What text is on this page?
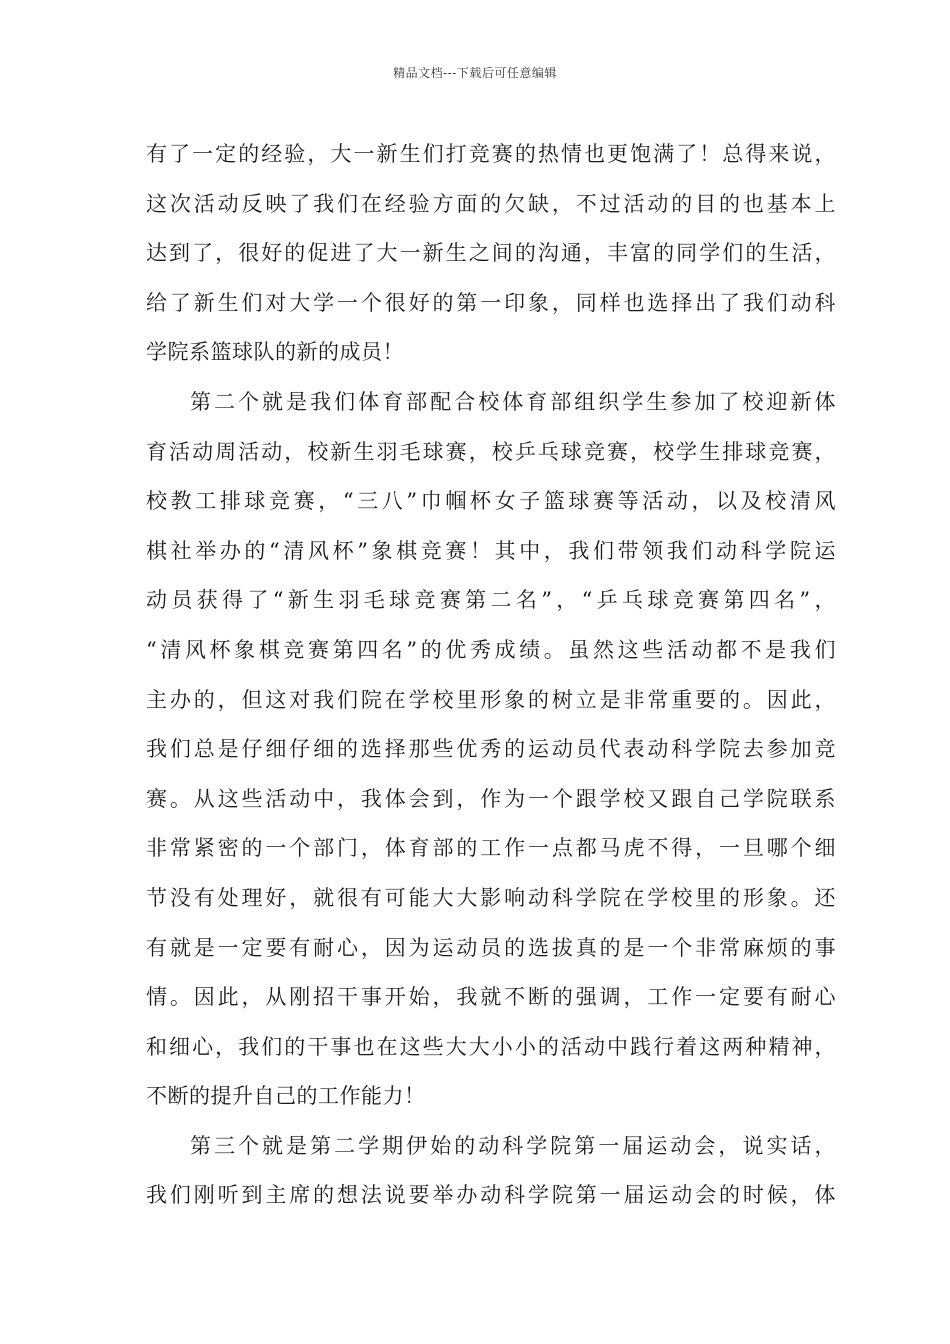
精品文档---下载后可任意编辑
有了一定的经验，大一新生们打竞赛的热情也更饱满了！总得来说，
这次活动反映了我们在经验方面的欠缺，不过活动的目的也基本上
达到了，很好的促进了大一新生之间的沟通，丰富的同学们的生活，
给了新生们对大学一个很好的第一印象，同样也选择出了我们动科
学院系篮球队的新的成员！
第二个就是我们体育部配合校体育部组织学生参加了校迎新体
育活动周活动，校新生羽毛球赛，校乒乓球竞赛，校学生排球竞赛，
校教工排球竞赛，“三八”巾帼杯女子篮球赛等活动，以及校清风
棋社举办的“清风杯”象棋竞赛！其中，我们带领我们动科学院运
动员获得了“新生羽毛球竞赛第二名”，“乒乓球竞赛第四名”，
“清风杯象棋竞赛第四名”的优秀成绩。虽然这些活动都不是我们
主办的，但这对我们院在学校里形象的树立是非常重要的。因此，
我们总是仔细仔细的选择那些优秀的运动员代表动科学院去参加竞
赛。从这些活动中，我体会到，作为一个跟学校又跟自己学院联系
非常紧密的一个部门，体育部的工作一点都马虎不得，一旦哪个细
节没有处理好，就很有可能大大影响动科学院在学校里的形象。还
有就是一定要有耐心，因为运动员的选拔真的是一个非常麻烦的事
情。因此，从刚招干事开始，我就不断的强调，工作一定要有耐心
和细心，我们的干事也在这些大大小小的活动中践行着这两种精神，
不断的提升自己的工作能力！
第三个就是第二学期伊始的动科学院第一届运动会，说实话，
我们刚听到主席的想法说要举办动科学院第一届运动会的时候，体
